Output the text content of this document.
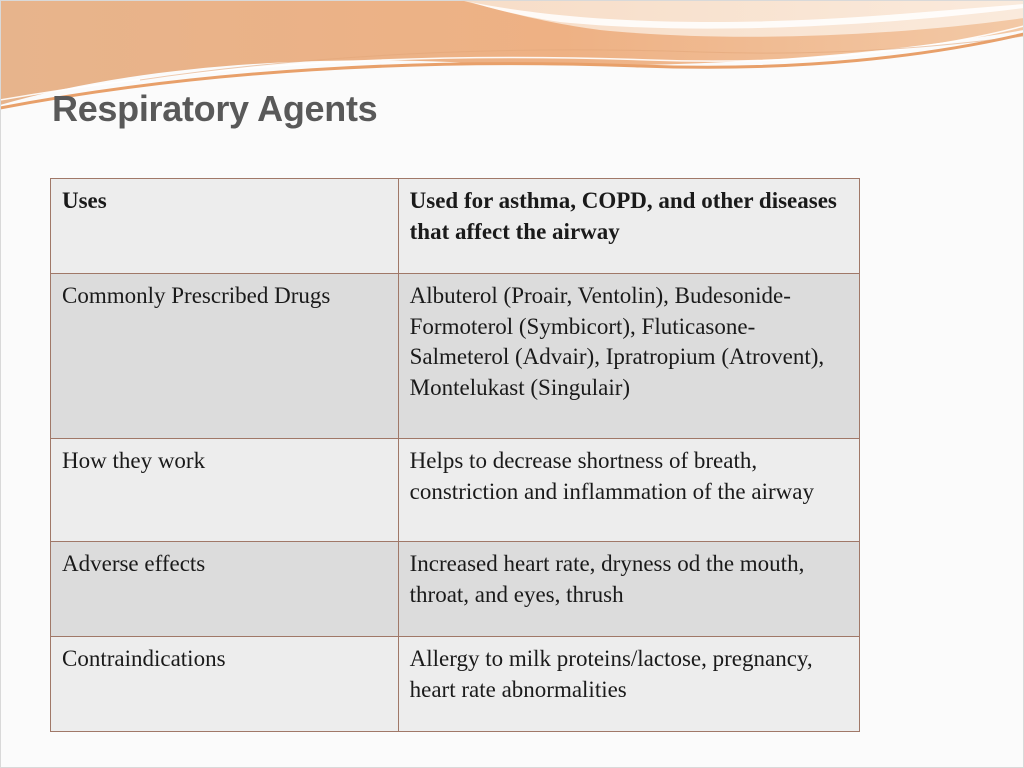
Respiratory Agents
Uses	Used for asthma, COPD, and other diseases that affect the airway
Commonly Prescribed Drugs	Albuterol (Proair, Ventolin), Budesonide-Formoterol (Symbicort), Fluticasone-Salmeterol (Advair), Ipratropium (Atrovent), Montelukast (Singulair)
How they work	Helps to decrease shortness of breath, constriction and inflammation of the airway
Adverse effects	Increased heart rate, dryness od the mouth, throat, and eyes, thrush
Contraindications	Allergy to milk proteins/lactose, pregnancy, heart rate abnormalities
